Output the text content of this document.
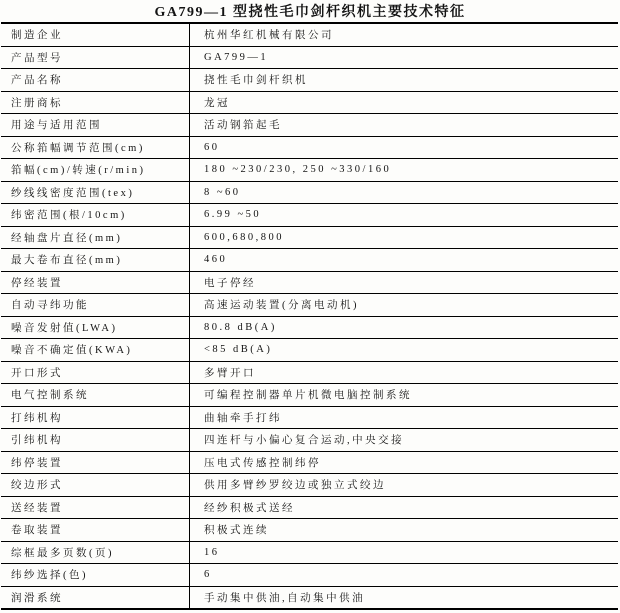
GA799—1 型挠性毛巾剑杆织机主要技术特征
制造企业	杭州华红机械有限公司
产品型号	GA799—1
产品名称	挠性毛巾剑杆织机
注册商标	龙冠
用途与适用范围	活动钢筘起毛
公称筘幅调节范围(cm)	60
筘幅(cm)/转速(r/min)	180 ~230/230, 250 ~330/160
纱线线密度范围(tex)	8 ~60
纬密范围(根/10cm)	6.99 ~50
经轴盘片直径(mm)	600,680,800
最大卷布直径(mm)	460
停经装置	电子停经
自动寻纬功能	高速运动装置(分离电动机)
噪音发射值(LWA)	80.8 dB(A)
噪音不确定值(KWA)	<85 dB(A)
开口形式	多臂开口
电气控制系统	可编程控制器单片机微电脑控制系统
打纬机构	曲轴牵手打纬
引纬机构	四连杆与小偏心复合运动,中央交接
纬停装置	压电式传感控制纬停
绞边形式	供用多臂纱罗绞边或独立式绞边
送经装置	经纱积极式送经
卷取装置	积极式连续
综框最多页数(页)	16
纬纱选择(色)	6
润滑系统	手动集中供油,自动集中供油
